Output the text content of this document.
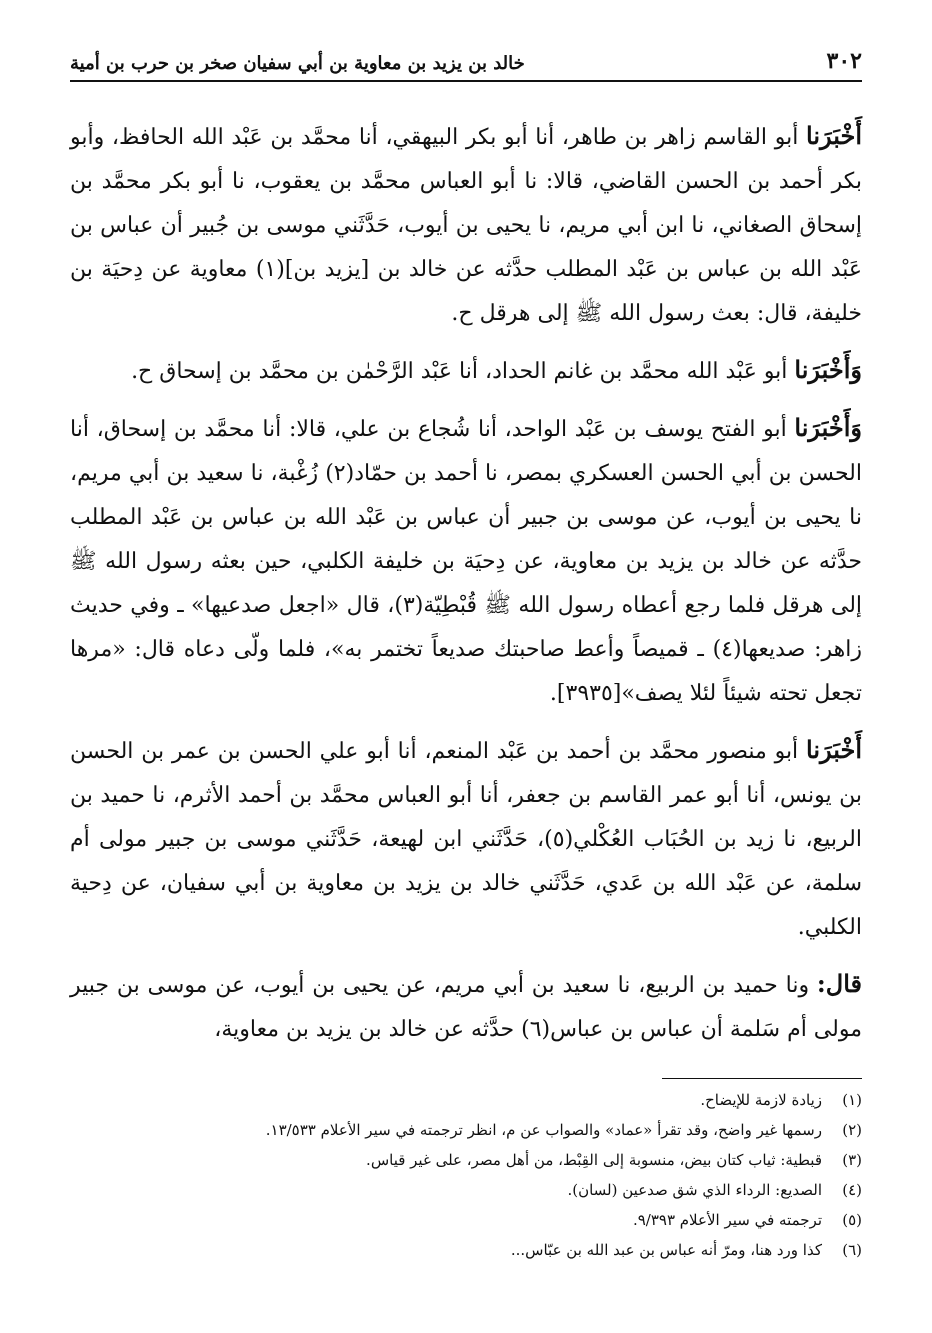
٣٠٢
خالد بن يزيد بن معاوية بن أبي سفيان صخر بن حرب بن أمية

أَخْبَرَنا أبو القاسم زاهر بن طاهر، أنا أبو بكر البيهقي، أنا محمَّد بن عَبْد الله الحافظ، وأبو بكر أحمد بن الحسن القاضي، قالا: نا أبو العباس محمَّد بن يعقوب، نا أبو بكر محمَّد بن إسحاق الصغاني، نا ابن أبي مريم، نا يحيى بن أيوب، حَدَّثَني موسى بن جُبير أن عباس بن عَبْد الله بن عباس بن عَبْد المطلب حدَّثه عن خالد بن [يزيد بن](١) معاوية عن دِحيَة بن خليفة، قال: بعث رسول الله ﷺ إلى هرقل ح.

وَأَخْبَرَنا أبو عَبْد الله محمَّد بن غانم الحداد، أنا عَبْد الرَّحْمٰن بن محمَّد بن إسحاق ح.

وَأَخْبَرَنا أبو الفتح يوسف بن عَبْد الواحد، أنا شُجاع بن علي، قالا: أنا محمَّد بن إسحاق، أنا الحسن بن أبي الحسن العسكري بمصر، نا أحمد بن حمّاد(٢) زُغْبة، نا سعيد بن أبي مريم، نا يحيى بن أيوب، عن موسى بن جبير أن عباس بن عَبْد الله بن عباس بن عَبْد المطلب حدَّثه عن خالد بن يزيد بن معاوية، عن دِحيَة بن خليفة الكلبي، حين بعثه رسول الله ﷺ إلى هرقل فلما رجع أعطاه رسول الله ﷺ قُبْطِيّة(٣)، قال «اجعل صدعيها» ـ وفي حديث زاهر: صديعها(٤) ـ قميصاً وأعط صاحبتك صديعاً تختمر به»، فلما ولّى دعاه قال: «مرها تجعل تحته شيئاً لئلا يصف»[٣٩٣٥].

أَخْبَرَنا أبو منصور محمَّد بن أحمد بن عَبْد المنعم، أنا أبو علي الحسن بن عمر بن الحسن بن يونس، أنا أبو عمر القاسم بن جعفر، أنا أبو العباس محمَّد بن أحمد الأثرم، نا حميد بن الربيع، نا زيد بن الحُبَاب العُكْلي(٥)، حَدَّثَني ابن لهيعة، حَدَّثَني موسى بن جبير مولى أم سلمة، عن عَبْد الله بن عَدي، حَدَّثَني خالد بن يزيد بن معاوية بن أبي سفيان، عن دِحية الكلبي.

قال: ونا حميد بن الربيع، نا سعيد بن أبي مريم، عن يحيى بن أيوب، عن موسى بن جبير مولى أم سَلمة أن عباس بن عباس(٦) حدَّثه عن خالد بن يزيد بن معاوية،

(١)
زيادة لازمة للإيضاح.
(٢)
رسمها غير واضح، وقد تقرأ «عماد» والصواب عن م، انظر ترجمته في سير الأعلام ١٣/٥٣٣.
(٣)
قبطية: ثياب كتان بيض، منسوبة إلى القِبْط، من أهل مصر، على غير قياس.
(٤)
الصديع: الرداء الذي شق صدعين (لسان).
(٥)
ترجمته في سير الأعلام ٩/٣٩٣.
(٦)
كذا ورد هنا، ومرّ أنه عباس بن عبد الله بن عبّاس...
